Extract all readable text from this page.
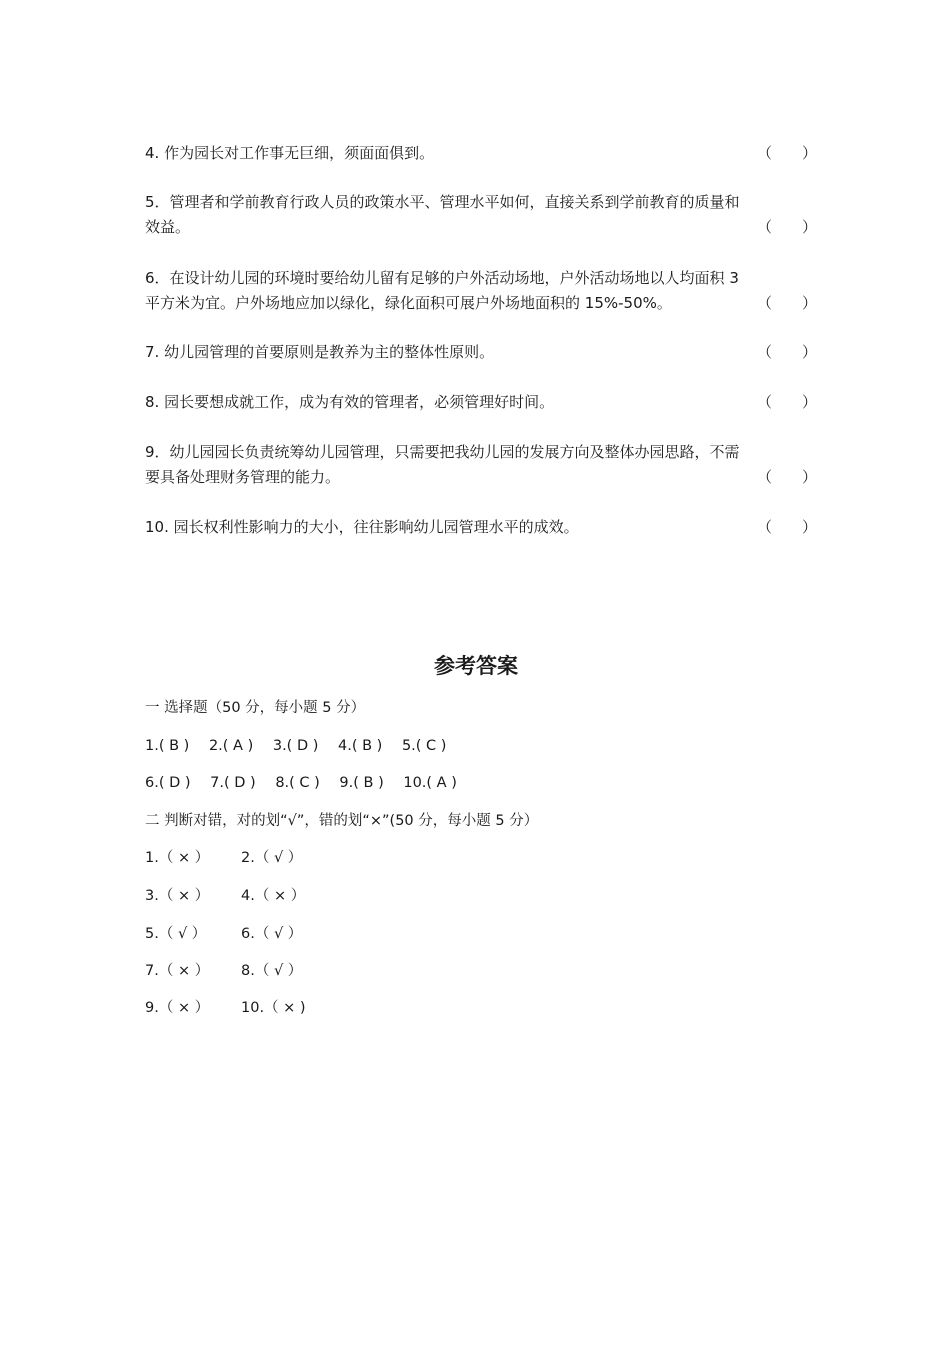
4. 作为园长对工作事无巨细，须面面俱到。	（　　）
5．管理者和学前教育行政人员的政策水平、管理水平如何，直接关系到学前教育的质量和
效益。	（　　）
6．在设计幼儿园的环境时要给幼儿留有足够的户外活动场地，户外活动场地以人均面积 3
平方米为宜。户外场地应加以绿化，绿化面积可展户外场地面积的 15%-50%。	（　　）
7. 幼儿园管理的首要原则是教养为主的整体性原则。	（　　）
8. 园长要想成就工作，成为有效的管理者，必须管理好时间。	（　　）
9．幼儿园园长负责统筹幼儿园管理，只需要把我幼儿园的发展方向及整体办园思路，不需
要具备处理财务管理的能力。	（　　）
10. 园长权利性影响力的大小，往往影响幼儿园管理水平的成效。	（　　）
参考答案
一 选择题（50 分，每小题 5 分）
1.( B ) 2.( A ) 3.( D ) 4.( B ) 5.( C )
6.( D ) 7.( D ) 8.( C ) 9.( B ) 10.( A )
二 判断对错，对的划“√”，错的划“×”(50 分，每小题 5 分）
1.（ × ） 2.（ √ ）
3.（ × ） 4.（ × ）
5.（ √ ） 6.（ √ ）
7.（ × ） 8.（ √ ）
9.（ × ） 10.（ × )
